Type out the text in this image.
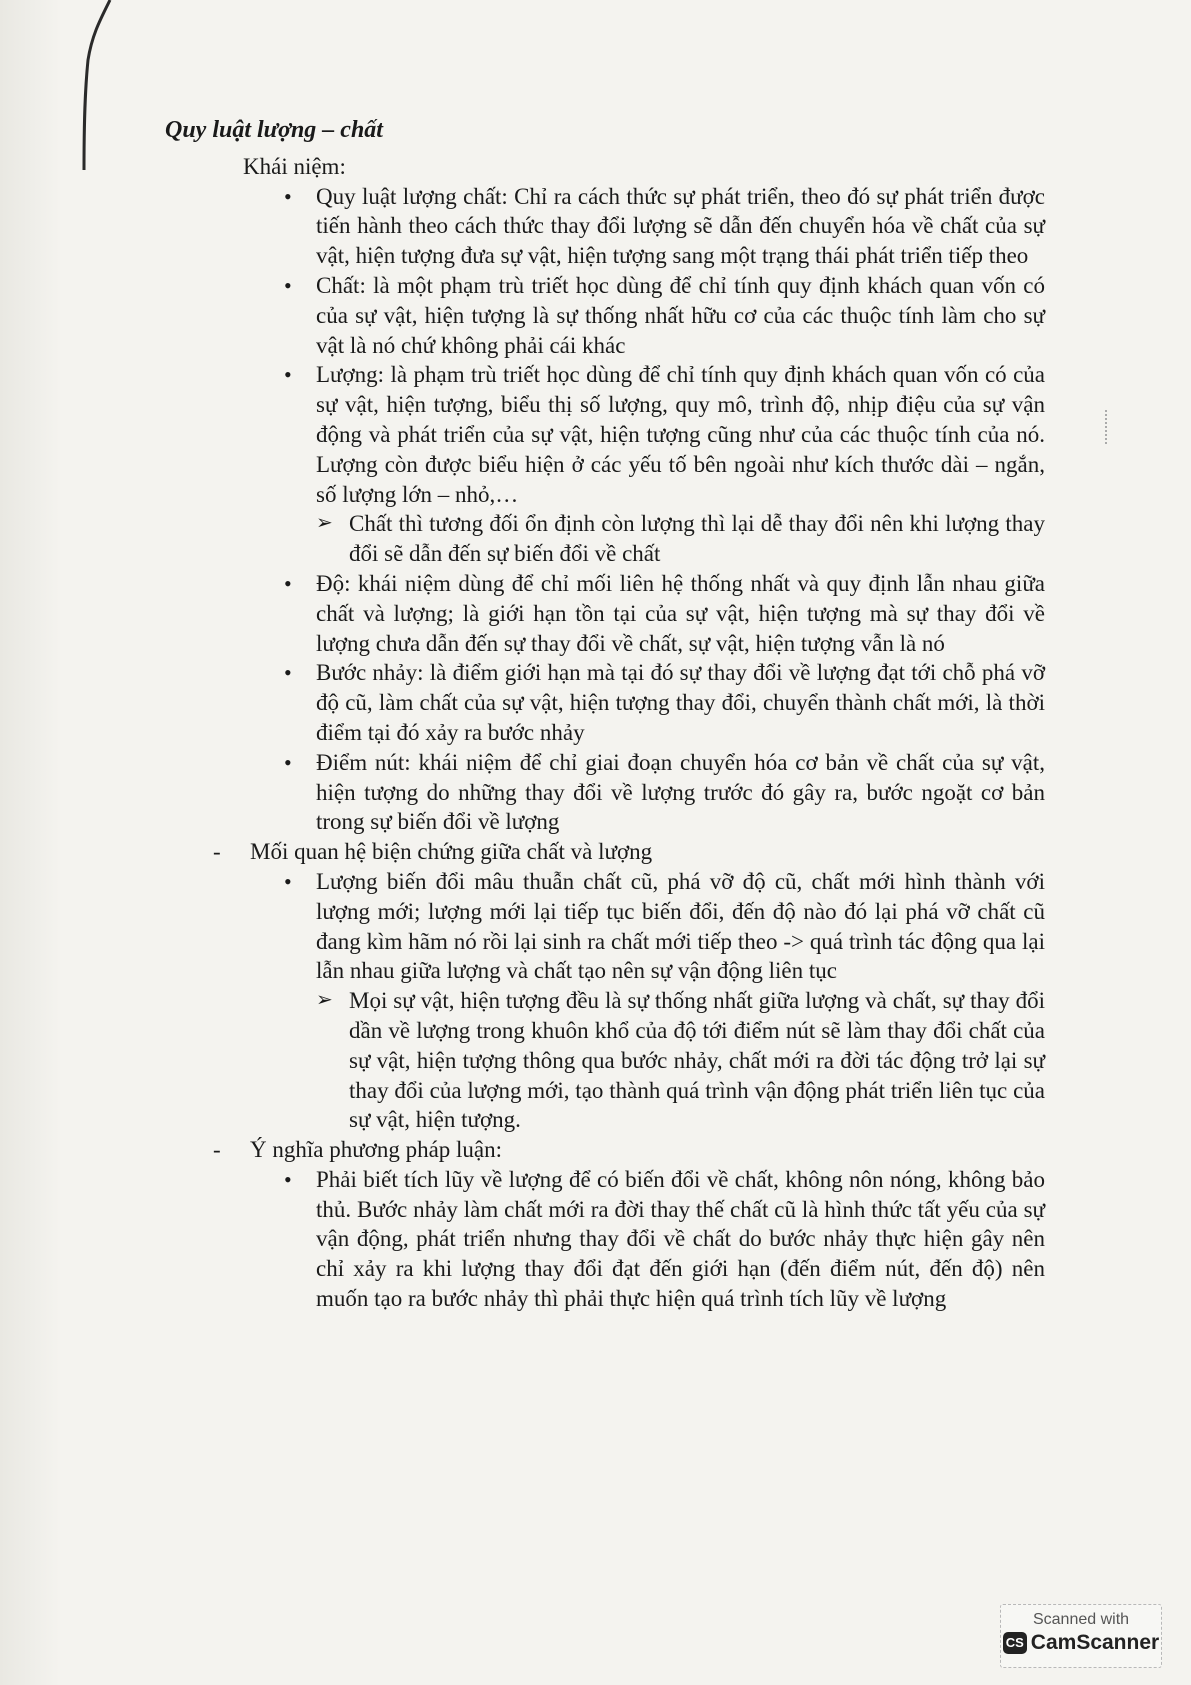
Quy luật lượng – chất
Khái niệm:
• Quy luật lượng chất: Chỉ ra cách thức sự phát triển, theo đó sự phát triển được tiến hành theo cách thức thay đổi lượng sẽ dẫn đến chuyển hóa về chất của sự vật, hiện tượng đưa sự vật, hiện tượng sang một trạng thái phát triển tiếp theo
• Chất: là một phạm trù triết học dùng để chỉ tính quy định khách quan vốn có của sự vật, hiện tượng là sự thống nhất hữu cơ của các thuộc tính làm cho sự vật là nó chứ không phải cái khác
• Lượng: là phạm trù triết học dùng để chỉ tính quy định khách quan vốn có của sự vật, hiện tượng, biểu thị số lượng, quy mô, trình độ, nhịp điệu của sự vận động và phát triển của sự vật, hiện tượng cũng như của các thuộc tính của nó. Lượng còn được biểu hiện ở các yếu tố bên ngoài như kích thước dài – ngắn, số lượng lớn – nhỏ,…
➢ Chất thì tương đối ổn định còn lượng thì lại dễ thay đổi nên khi lượng thay đổi sẽ dẫn đến sự biến đổi về chất
• Độ: khái niệm dùng để chỉ mối liên hệ thống nhất và quy định lẫn nhau giữa chất và lượng; là giới hạn tồn tại của sự vật, hiện tượng mà sự thay đổi về lượng chưa dẫn đến sự thay đổi về chất, sự vật, hiện tượng vẫn là nó
• Bước nhảy: là điểm giới hạn mà tại đó sự thay đổi về lượng đạt tới chỗ phá vỡ độ cũ, làm chất của sự vật, hiện tượng thay đổi, chuyển thành chất mới, là thời điểm tại đó xảy ra bước nhảy
• Điểm nút: khái niệm để chỉ giai đoạn chuyển hóa cơ bản về chất của sự vật, hiện tượng do những thay đổi về lượng trước đó gây ra, bước ngoặt cơ bản trong sự biến đổi về lượng
- Mối quan hệ biện chứng giữa chất và lượng
• Lượng biến đổi mâu thuẫn chất cũ, phá vỡ độ cũ, chất mới hình thành với lượng mới; lượng mới lại tiếp tục biến đổi, đến độ nào đó lại phá vỡ chất cũ đang kìm hãm nó rồi lại sinh ra chất mới tiếp theo -> quá trình tác động qua lại lẫn nhau giữa lượng và chất tạo nên sự vận động liên tục
➢ Mọi sự vật, hiện tượng đều là sự thống nhất giữa lượng và chất, sự thay đổi dần về lượng trong khuôn khổ của độ tới điểm nút sẽ làm thay đổi chất của sự vật, hiện tượng thông qua bước nhảy, chất mới ra đời tác động trở lại sự thay đổi của lượng mới, tạo thành quá trình vận động phát triển liên tục của sự vật, hiện tượng.
- Ý nghĩa phương pháp luận:
• Phải biết tích lũy về lượng để có biến đổi về chất, không nôn nóng, không bảo thủ. Bước nhảy làm chất mới ra đời thay thế chất cũ là hình thức tất yếu của sự vận động, phát triển nhưng thay đổi về chất do bước nhảy thực hiện gây nên chỉ xảy ra khi lượng thay đổi đạt đến giới hạn (đến điểm nút, đến độ) nên muốn tạo ra bước nhảy thì phải thực hiện quá trình tích lũy về lượng
Scanned with
CS CamScanner
